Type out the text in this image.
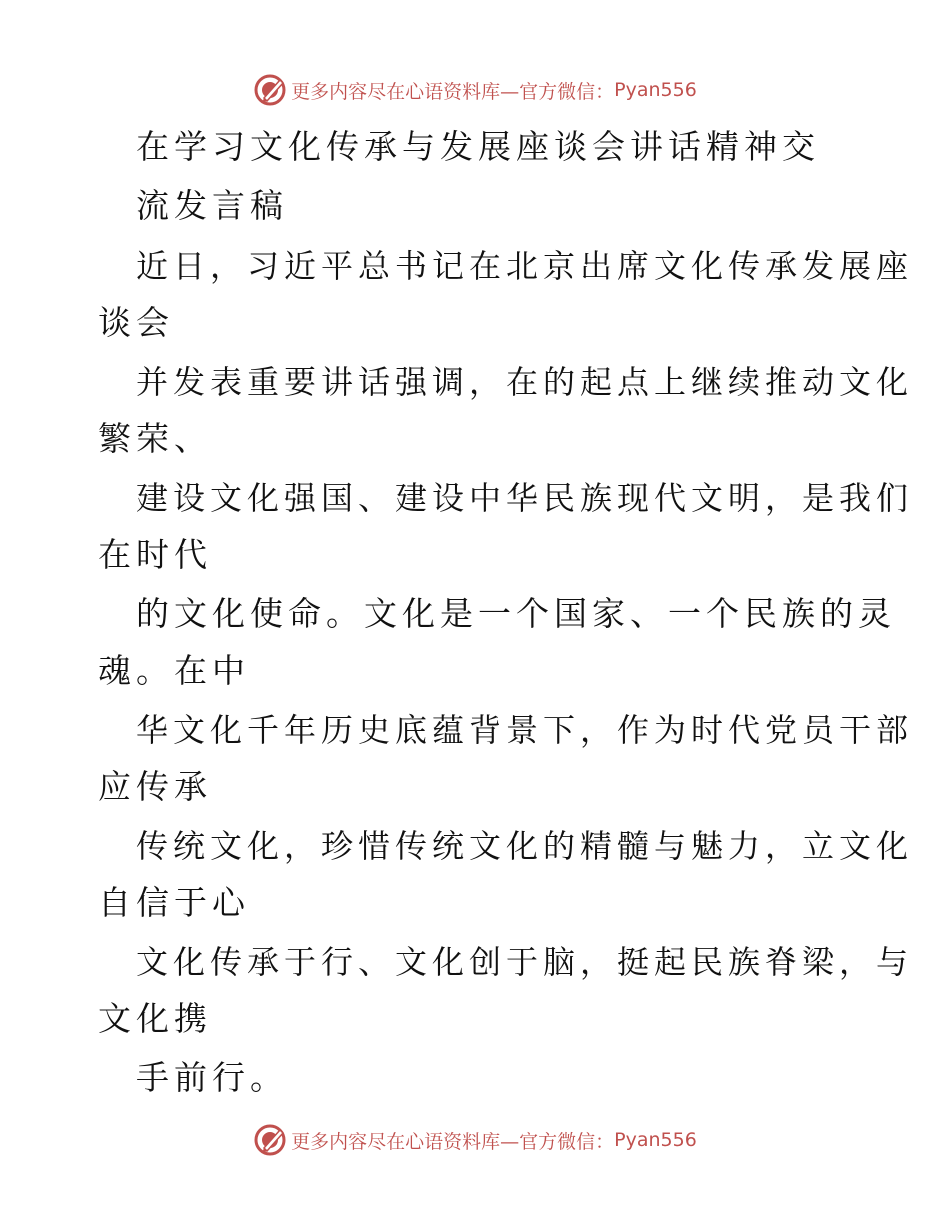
更多内容尽在心语资料库—官方微信： Pyan556
在学习文化传承与发展座谈会讲话精神交
流发言稿
近日，习近平总书记在北京出席文化传承发展座
谈会
并发表重要讲话强调，在的起点上继续推动文化
繁荣、
建设文化强国、建设中华民族现代文明，是我们
在时代
的文化使命。文化是一个国家、一个民族的灵
魂。在中
华文化千年历史底蕴背景下，作为时代党员干部
应传承
传统文化，珍惜传统文化的精髓与魅力，立文化
自信于心
文化传承于行、文化创于脑，挺起民族脊梁，与
文化携
手前行。
更多内容尽在心语资料库—官方微信： Pyan556
